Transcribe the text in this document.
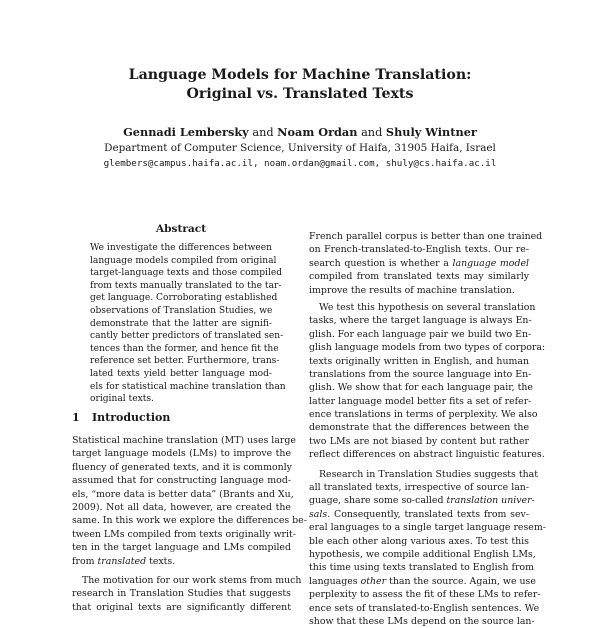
Language Models for Machine Translation:
Original vs. Translated Texts
Gennadi Lembersky and Noam Ordan and Shuly Wintner
Department of Computer Science, University of Haifa, 31905 Haifa, Israel
glembers@campus.haifa.ac.il, noam.ordan@gmail.com, shuly@cs.haifa.ac.il
Abstract
We investigate the differences between
language models compiled from original
target-language texts and those compiled
from texts manually translated to the tar-
get language. Corroborating established
observations of Translation Studies, we
demonstrate that the latter are signifi-
cantly better predictors of translated sen-
tences than the former, and hence fit the
reference set better. Furthermore, trans-
lated texts yield better language mod-
els for statistical machine translation than
original texts.
1 Introduction
Statistical machine translation (MT) uses large
target language models (LMs) to improve the
fluency of generated texts, and it is commonly
assumed that for constructing language mod-
els, “more data is better data” (Brants and Xu,
2009). Not all data, however, are created the
same. In this work we explore the differences be-
tween LMs compiled from texts originally writ-
ten in the target language and LMs compiled
from translated texts.
The motivation for our work stems from much
research in Translation Studies that suggests
that original texts are significantly different
French parallel corpus is better than one trained
on French-translated-to-English texts. Our re-
search question is whether a language model
compiled from translated texts may similarly
improve the results of machine translation.
We test this hypothesis on several translation
tasks, where the target language is always En-
glish. For each language pair we build two En-
glish language models from two types of corpora:
texts originally written in English, and human
translations from the source language into En-
glish. We show that for each language pair, the
latter language model better fits a set of refer-
ence translations in terms of perplexity. We also
demonstrate that the differences between the
two LMs are not biased by content but rather
reflect differences on abstract linguistic features.
Research in Translation Studies suggests that
all translated texts, irrespective of source lan-
guage, share some so-called translation univer-
sals. Consequently, translated texts from sev-
eral languages to a single target language resem-
ble each other along various axes. To test this
hypothesis, we compile additional English LMs,
this time using texts translated to English from
languages other than the source. Again, we use
perplexity to assess the fit of these LMs to refer-
ence sets of translated-to-English sentences. We
show that these LMs depend on the source lan-
